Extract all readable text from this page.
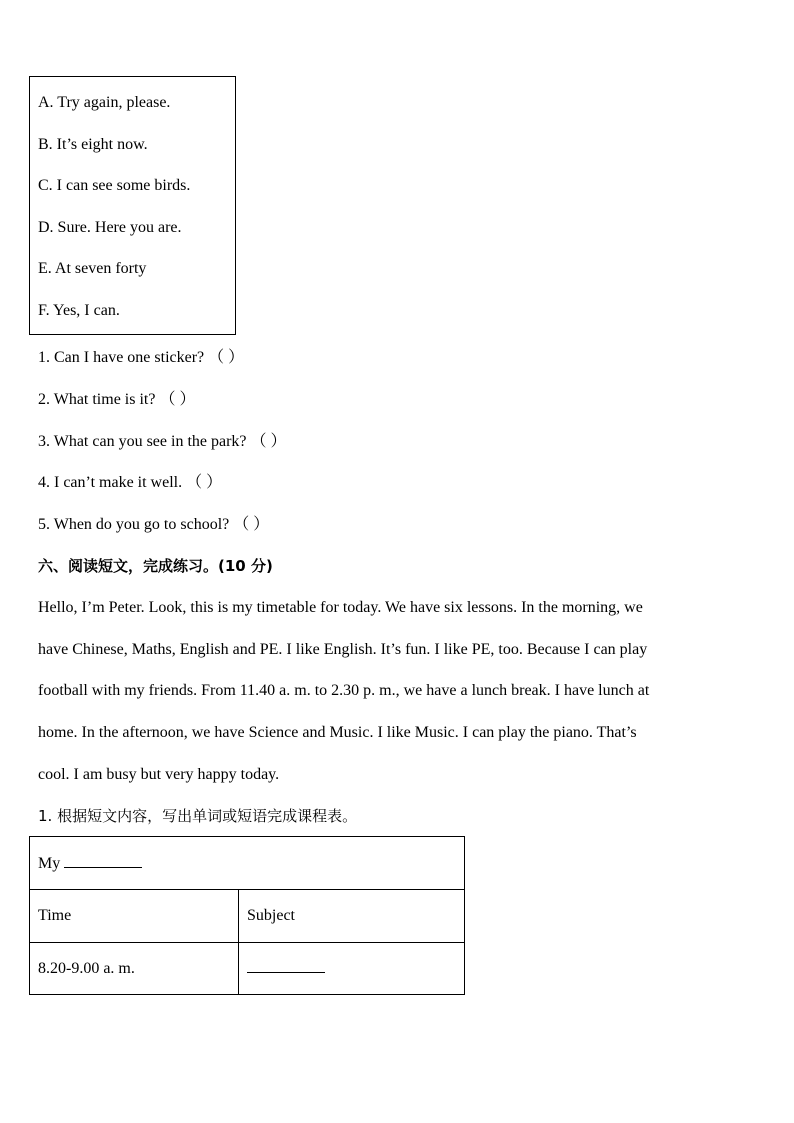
A. Try again, please.
B. It’s eight now.
C. I can see some birds.
D. Sure. Here you are.
E. At seven forty
F. Yes, I can.
1. Can I have one sticker? （ ）
2. What time is it? （ ）
3. What can you see in the park? （ ）
4. I can’t make it well. （ ）
5. When do you go to school? （ ）
六、阅读短文，完成练习。(10 分)
Hello, I’m Peter. Look, this is my timetable for today. We have six lessons. In the morning, we
have Chinese, Maths, English and PE. I like English. It’s fun. I like PE, too. Because I can play
football with my friends. From 11.40 a. m. to 2.30 p. m., we have a lunch break. I have lunch at
home. In the afternoon, we have Science and Music. I like Music. I can play the piano. That’s
cool. I am busy but very happy today.
1. 根据短文内容，写出单词或短语完成课程表。
My	
Time	Subject
8.20-9.00 a. m.	
